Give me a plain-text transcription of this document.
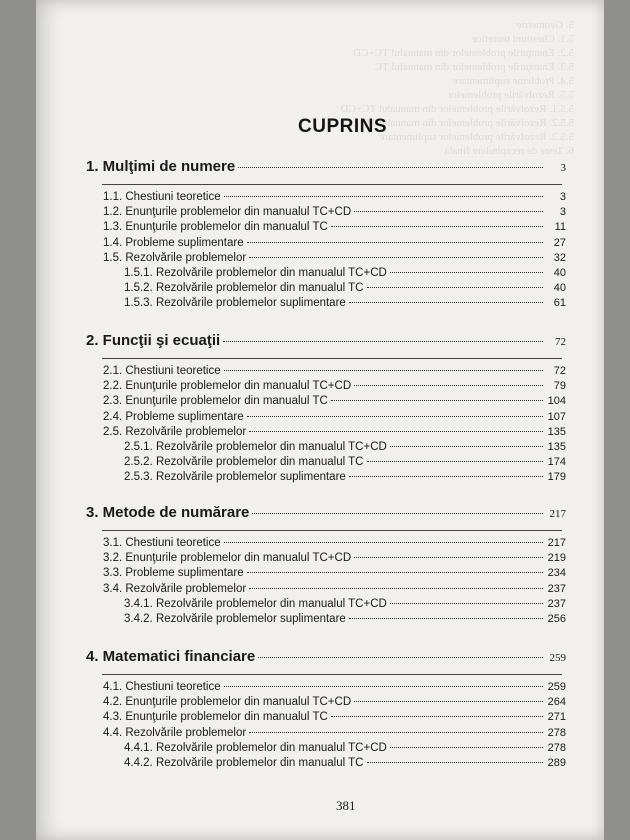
5. Geometrie
5.1. Chestiuni teoretice
5.2. Enunţurile problemelor din manualul TC+CD
5.3. Enunţurile problemelor din manualul TC
5.4. Probleme suplimentare
5.5. Rezolvările problemelor
5.5.1. Rezolvările problemelor din manualul TC+CD
5.5.2. Rezolvările problemelor din manualul TC
5.5.3. Rezolvările problemelor suplimentare
6. Teste de recapitulare finală
CUPRINS
1. Mulţimi de numere	3
1.1. Chestiuni teoretice	3
1.2. Enunţurile problemelor din manualul TC+CD	3
1.3. Enunţurile problemelor din manualul TC	11
1.4. Probleme suplimentare	27
1.5. Rezolvările problemelor	32
1.5.1. Rezolvările problemelor din manualul TC+CD	40
1.5.2. Rezolvările problemelor din manualul TC	40
1.5.3. Rezolvările problemelor suplimentare	61
2. Funcţii şi ecuaţii	72
2.1. Chestiuni teoretice	72
2.2. Enunţurile problemelor din manualul TC+CD	79
2.3. Enunţurile problemelor din manualul TC	104
2.4. Probleme suplimentare	107
2.5. Rezolvările problemelor	135
2.5.1. Rezolvările problemelor din manualul TC+CD	135
2.5.2. Rezolvările problemelor din manualul TC	174
2.5.3. Rezolvările problemelor suplimentare	179
3. Metode de numărare	217
3.1. Chestiuni teoretice	217
3.2. Enunţurile problemelor din manualul TC+CD	219
3.3. Probleme suplimentare	234
3.4. Rezolvările problemelor	237
3.4.1. Rezolvările problemelor din manualul TC+CD	237
3.4.2. Rezolvările problemelor suplimentare	256
4. Matematici financiare	259
4.1. Chestiuni teoretice	259
4.2. Enunţurile problemelor din manualul TC+CD	264
4.3. Enunţurile problemelor din manualul TC	271
4.4. Rezolvările problemelor	278
4.4.1. Rezolvările problemelor din manualul TC+CD	278
4.4.2. Rezolvările problemelor din manualul TC	289
381
